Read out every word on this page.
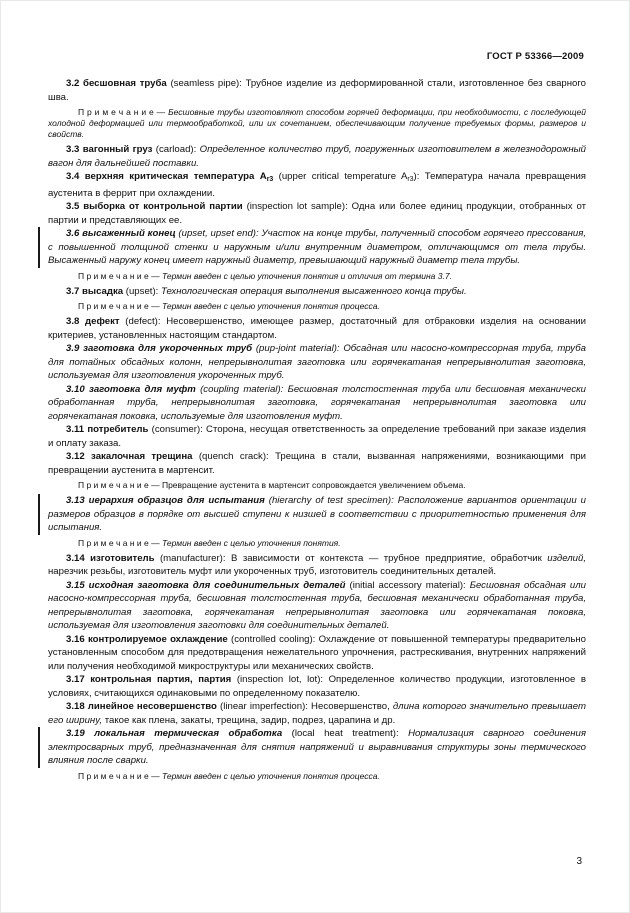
ГОСТ Р 53366—2009

3.2 бесшовная труба (seamless pipe): Трубное изделие из деформированной стали, изготовленное без сварного шва.

П р и м е ч а н и е — Бесшовные трубы изготовляют способом горячей деформации, при необходимости, с последующей холодной деформацией или термообработкой, или их сочетанием, обеспечивающим получение требуемых формы, размеров и свойств.

3.3 вагонный груз (carload): Определенное количество труб, погруженных изготовителем в железнодорожный вагон для дальнейшей поставки.

3.4 верхняя критическая температура $А_{r3}$ (upper critical temperature $A_{r3}$): Температура начала превращения аустенита в феррит при охлаждении.

3.5 выборка от контрольной партии (inspection lot sample): Одна или более единиц продукции, отобранных от партии и представляющих ее.

3.6 высаженный конец (upset, upset end): Участок на конце трубы, полученный способом горячего прессования, с повышенной толщиной стенки и наружным и/или внутренним диаметром, отличающимся от тела трубы. Высаженный наружу конец имеет наружный диаметр, превышающий наружный диаметр тела трубы.

П р и м е ч а н и е — Термин введен с целью уточнения понятия и отличия от термина 3.7.

3.7 высадка (upset): Технологическая операция выполнения высаженного конца трубы.

П р и м е ч а н и е — Термин введен с целью уточнения понятия процесса.

3.8 дефект (defect): Несовершенство, имеющее размер, достаточный для отбраковки изделия на основании критериев, установленных настоящим стандартом.

3.9 заготовка для укороченных труб (pup-joint material): Обсадная или насосно-компрессорная труба, труба для потайных обсадных колонн, непрерывнолитая заготовка или горячекатаная непрерывнолитая заготовка, используемая для изготовления укороченных труб.

3.10 заготовка для муфт (coupling material): Бесшовная толстостенная труба или бесшовная механически обработанная труба, непрерывнолитая заготовка, горячекатаная непрерывнолитая заготовка или горячекатаная поковка, используемые для изготовления муфт.

3.11 потребитель (consumer): Сторона, несущая ответственность за определение требований при заказе изделия и оплату заказа.

3.12 закалочная трещина (quench crack): Трещина в стали, вызванная напряжениями, возникающими при превращении аустенита в мартенсит.

П р и м е ч а н и е — Превращение аустенита в мартенсит сопровождается увеличением объема.

3.13 иерархия образцов для испытания (hierarchy of test specimen): Расположение вариантов ориентации и размеров образцов в порядке от высшей ступени к низшей в соответствии с приоритетностью применения для испытания.

П р и м е ч а н и е — Термин введен с целью уточнения понятия.

3.14 изготовитель (manufacturer): В зависимости от контекста — трубное предприятие, обработчик изделий, нарезчик резьбы, изготовитель муфт или укороченных труб, изготовитель соединительных деталей.

3.15 исходная заготовка для соединительных деталей (initial accessory material): Бесшовная обсадная или насосно-компрессорная труба, бесшовная толстостенная труба, бесшовная механически обработанная труба, непрерывнолитая заготовка, горячекатаная непрерывнолитая заготовка или горячекатаная поковка, используемая для изготовления заготовки для соединительных деталей.

3.16 контролируемое охлаждение (controlled cooling): Охлаждение от повышенной температуры предварительно установленным способом для предотвращения нежелательного упрочнения, растрескивания, внутренних напряжений или получения необходимой микроструктуры или механических свойств.

3.17 контрольная партия, партия (inspection lot, lot): Определенное количество продукции, изготовленное в условиях, считающихся одинаковыми по определенному показателю.

3.18 линейное несовершенство (linear imperfection): Несовершенство, длина которого значительно превышает его ширину, такое как плена, закаты, трещина, задир, подрез, царапина и др.

3.19 локальная термическая обработка (local heat treatment): Нормализация сварного соединения электросварных труб, предназначенная для снятия напряжений и выравнивания структуры зоны термического влияния после сварки.

П р и м е ч а н и е — Термин введен с целью уточнения понятия процесса.

3
